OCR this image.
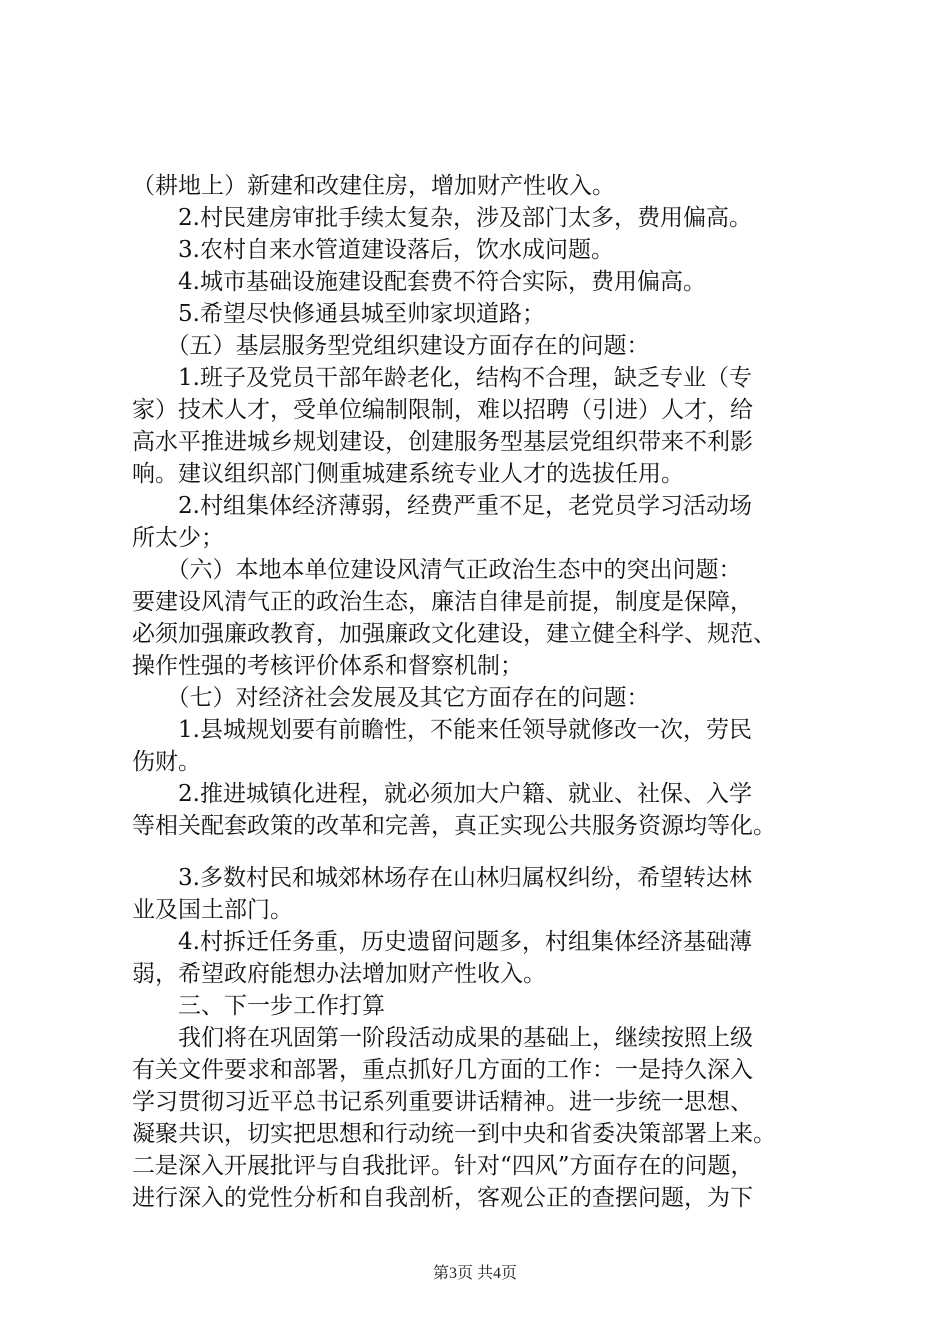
（耕地上）新建和改建住房，增加财产性收入。
　　2.村民建房审批手续太复杂，涉及部门太多，费用偏高。
　　3.农村自来水管道建设落后，饮水成问题。
　　4.城市基础设施建设配套费不符合实际，费用偏高。
　　5.希望尽快修通县城至帅家坝道路；
　　（五）基层服务型党组织建设方面存在的问题：
　　1.班子及党员干部年龄老化，结构不合理，缺乏专业（专
家）技术人才，受单位编制限制，难以招聘（引进）人才，给
高水平推进城乡规划建设，创建服务型基层党组织带来不利影
响。建议组织部门侧重城建系统专业人才的选拔任用。
　　2.村组集体经济薄弱，经费严重不足，老党员学习活动场
所太少；
　　（六）本地本单位建设风清气正政治生态中的突出问题：
要建设风清气正的政治生态，廉洁自律是前提，制度是保障，
必须加强廉政教育，加强廉政文化建设，建立健全科学、规范、
操作性强的考核评价体系和督察机制；
　　（七）对经济社会发展及其它方面存在的问题：
　　1.县城规划要有前瞻性，不能来任领导就修改一次，劳民
伤财。
　　2.推进城镇化进程，就必须加大户籍、就业、社保、入学
等相关配套政策的改革和完善，真正实现公共服务资源均等化。
　　3.多数村民和城郊林场存在山林归属权纠纷，希望转达林
业及国土部门。
　　4.村拆迁任务重，历史遗留问题多，村组集体经济基础薄
弱，希望政府能想办法增加财产性收入。
　　三、下一步工作打算
　　我们将在巩固第一阶段活动成果的基础上，继续按照上级
有关文件要求和部署，重点抓好几方面的工作：一是持久深入
学习贯彻习近平总书记系列重要讲话精神。进一步统一思想、
凝聚共识，切实把思想和行动统一到中央和省委决策部署上来。
二是深入开展批评与自我批评。针对“四风”方面存在的问题，
进行深入的党性分析和自我剖析，客观公正的查摆问题，为下
第3页 共4页
